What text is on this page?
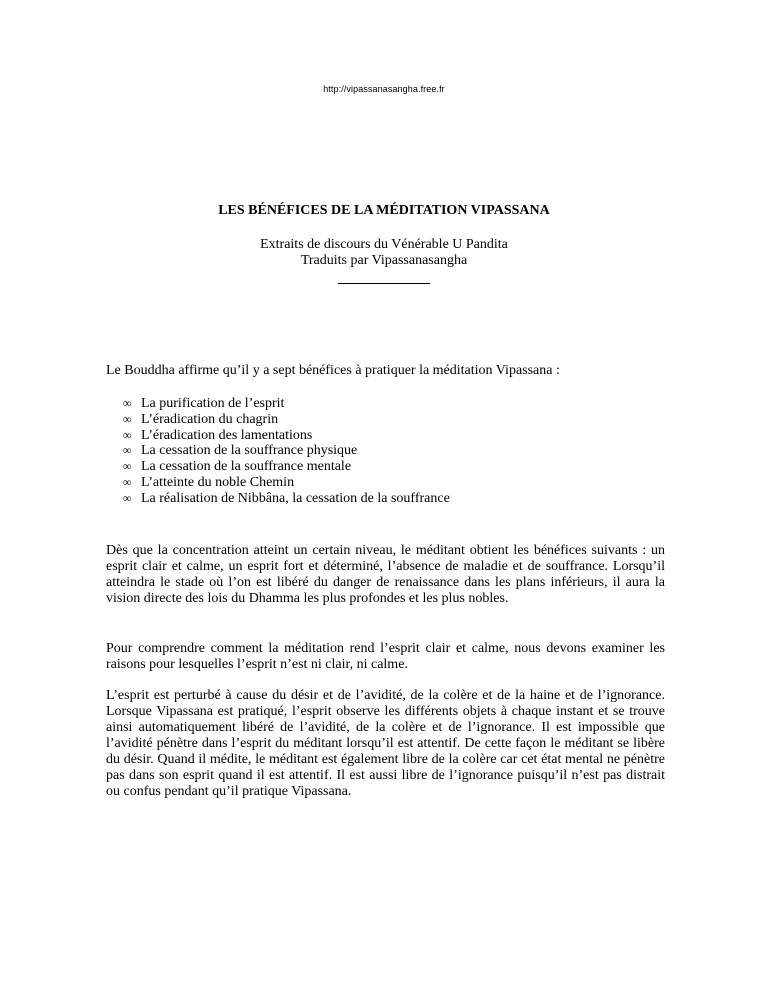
http://vipassanasangha.free.fr
LES BÉNÉFICES DE LA MÉDITATION VIPASSANA
Extraits de discours du Vénérable U Pandita
Traduits par Vipassanasangha
Le Bouddha affirme qu’il y a sept bénéfices à pratiquer la méditation Vipassana :
∞ La purification de l’esprit
∞ L’éradication du chagrin
∞ L’éradication des lamentations
∞ La cessation de la souffrance physique
∞ La cessation de la souffrance mentale
∞ L’atteinte du noble Chemin
∞ La réalisation de Nibbâna, la cessation de la souffrance
Dès que la concentration atteint un certain niveau, le méditant obtient les bénéfices suivants : un esprit clair et calme, un esprit fort et déterminé, l’absence de maladie et de souffrance. Lorsqu’il atteindra le stade où l’on est libéré du danger de renaissance dans les plans inférieurs, il aura la vision directe des lois du Dhamma les plus profondes et les plus nobles.
Pour comprendre comment la méditation rend l’esprit clair et calme, nous devons examiner les raisons pour lesquelles l’esprit n’est ni clair, ni calme.
L’esprit est perturbé à cause du désir et de l’avidité, de la colère et de la haine et de l’ignorance. Lorsque Vipassana est pratiqué, l’esprit observe les différents objets à chaque instant et se trouve ainsi automatiquement libéré de l’avidité, de la colère et de l’ignorance. Il est impossible que l’avidité pénètre dans l’esprit du méditant lorsqu’il est attentif. De cette façon le méditant se libère du désir. Quand il médite, le méditant est également libre de la colère car cet état mental ne pénètre pas dans son esprit quand il est attentif. Il est aussi libre de l’ignorance puisqu’il n’est pas distrait ou confus pendant qu’il pratique Vipassana.
